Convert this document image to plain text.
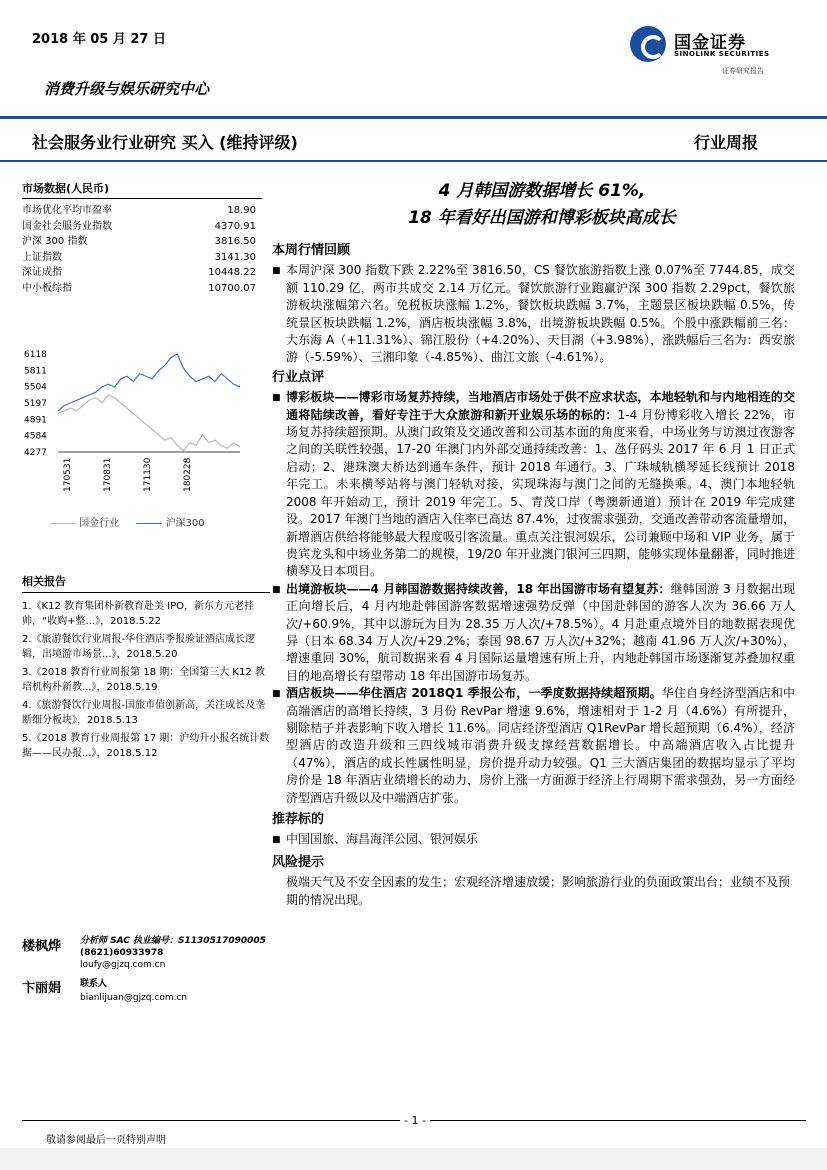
2018 年 05 月 27 日	国金证券
SINOLINK SECURITIES
证券研究报告
消费升级与娱乐研究中心
社会服务业行业研究 买入 (维持评级)	行业周报
市场数据(人民币)
市场优化平均市盈率	18.90
国金社会服务业指数	4370.91
沪深 300 指数	3816.50
上证指数	3141.30
深证成指	10448.22
中小板综指	10700.07
6118
5811
5504
5197
4891
4584
4277
170531	170831	171130	180228
国金行业	沪深300
相关报告

1.《K12 教育集团朴新教育赴美 IPO，新东方元老挂帅，“收购+整...》，2018.5.22

2.《旅游餐饮行业周报-华住酒店季报验证酒店成长逻辑，出境游市场景...》，2018.5.20

3.《2018 教育行业周报第 18 期：全国第三大 K12 教培机构朴新教...》，2018.5.19

4.《旅游餐饮行业周报-国旅市值创新高，关注成长及垄断细分板块》，2018.5.13

5.《2018 教育行业周报第 17 期：沪幼升小报名统计数据——民办报...》，2018.5.12

楼枫烨	分析师 SAC 执业编号：S1130517090005
(8621)60933978
loufy@gjzq.com.cn
卞丽娟	联系人
bianlijuan@gjzq.com.cn
4 月韩国游数据增长 61%,
18 年看好出国游和博彩板块高成长
本周行情回顾
■ 本周沪深 300 指数下跌 2.22%至 3816.50，CS 餐饮旅游指数上涨 0.07%至 7744.85，成交额 110.29 亿，两市共成交 2.14 万亿元。餐饮旅游行业跑赢沪深 300 指数 2.29pct，餐饮旅游板块涨幅第六名。免税板块涨幅 1.2%，餐饮板块跌幅 3.7%，主题景区板块跌幅 0.5%，传统景区板块跌幅 1.2%，酒店板块涨幅 3.8%，出境游板块跌幅 0.5%。个股中涨跌幅前三名：大东海 A（+11.31%）、锦江股份（+4.20%）、天目湖（+3.98%），涨跌幅后三名为：西安旅游（-5.59%）、三湘印象（-4.85%）、曲江文旅（-4.61%）。
行业点评
■ 博彩板块——博彩市场复苏持续，当地酒店市场处于供不应求状态，本地轻轨和与内地相连的交通将陆续改善，看好专注于大众旅游和新开业娱乐场的标的：1-4 月份博彩收入增长 22%，市场复苏持续超预期。从澳门政策及交通改善和公司基本面的角度来看，中场业务与访澳过夜游客之间的关联性较强，17-20 年澳门内外部交通持续改善：1、氹仔码头 2017 年 6 月 1 日正式启动；2、港珠澳大桥达到通车条件，预计 2018 年通行。3、广珠城轨横琴延长线预计 2018 年完工。未来横琴站将与澳门轻轨对接，实现珠海与澳门之间的无缝换乘。4、澳门本地轻轨 2008 年开始动工，预计 2019 年完工。5、青茂口岸（粤澳新通道）预计在 2019 年完成建设。2017 年澳门当地的酒店入住率已高达 87.4%，过夜需求强劲，交通改善带动客流量增加，新增酒店供给将能够最大程度吸引客流量。重点关注银河娱乐，公司兼顾中场和 VIP 业务，属于贵宾龙头和中场业务第二的规模，19/20 年开业澳门银河三四期，能够实现体量翻番，同时推进横琴及日本项目。
■ 出境游板块——4 月韩国游数据持续改善，18 年出国游市场有望复苏：继韩国游 3 月数据出现正向增长后，4 月内地赴韩国游客数据增速强势反弹（中国赴韩国的游客人次为 36.66 万人次/+60.9%，其中以游玩为目为 28.35 万人次/+78.5%）。4 月赴重点境外目的地数据表现优异（日本 68.34 万人次/+29.2%；泰国 98.67 万人次/+32%；越南 41.96 万人次/+30%），增速重回 30%，航司数据来看 4 月国际运量增速有所上升，内地赴韩国市场逐渐复苏叠加权重目的地高增长有望带动 18 年出国游市场复苏。
■ 酒店板块——华住酒店 2018Q1 季报公布，一季度数据持续超预期。华住自身经济型酒店和中高端酒店的高增长持续，3 月份 RevPar 增速 9.6%，增速相对于 1-2 月（4.6%）有所提升，剔除桔子并表影响下收入增长 11.6%。同店经济型酒店 Q1RevPar 增长超预期（6.4%），经济型酒店的改造升级和三四线城市消费升级支撑经营数据增长。中高端酒店收入占比提升（47%），酒店的成长性属性明显，房价提升动力较强。Q1 三大酒店集团的数据均显示了平均房价是 18 年酒店业绩增长的动力，房价上涨一方面源于经济上行周期下需求强劲，另一方面经济型酒店升级以及中端酒店扩张。
推荐标的
■ 中国国旅、海昌海洋公园、银河娱乐
风险提示
极端天气及不安全因素的发生；宏观经济增速放缓；影响旅游行业的负面政策出台；业绩不及预期的情况出现。
- 1 -
敬请参阅最后一页特别声明
